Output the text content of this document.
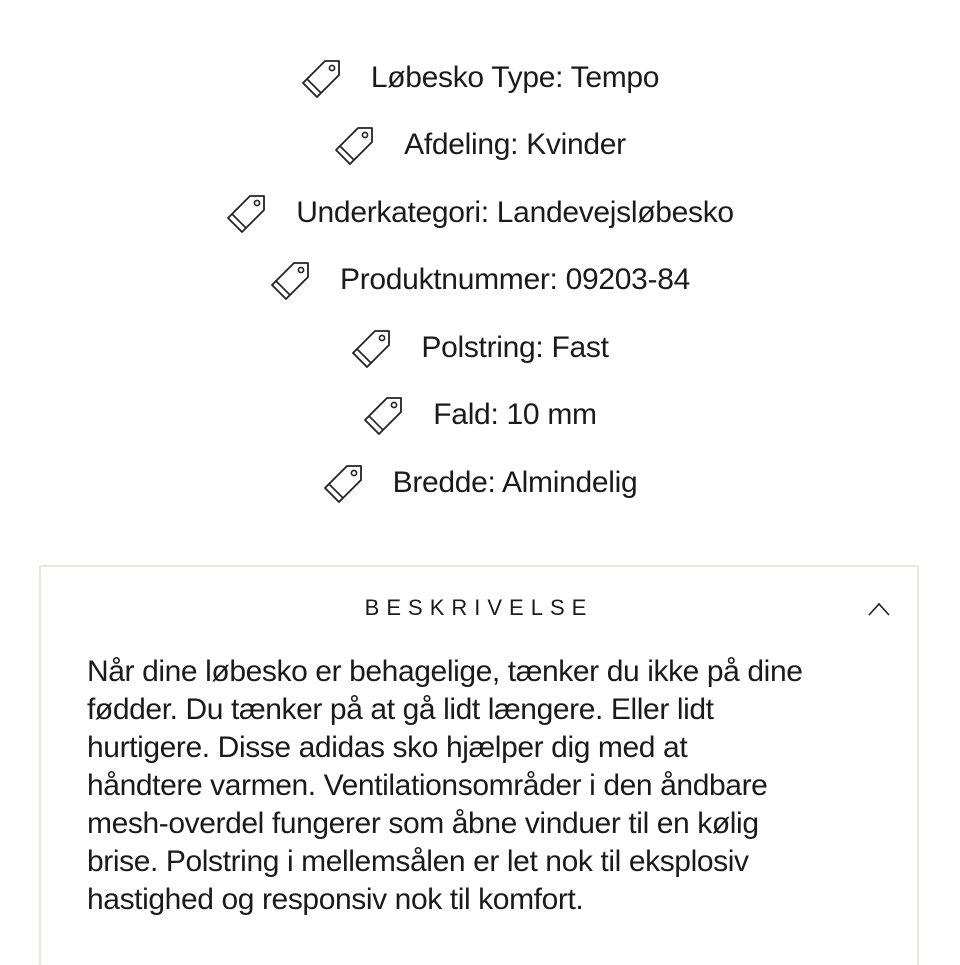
Løbesko Type: Tempo
Afdeling: Kvinder
Underkategori: Landevejsløbesko
Produktnummer: 09203-84
Polstring: Fast
Fald: 10 mm
Bredde: Almindelig
BESKRIVELSE
Når dine løbesko er behagelige, tænker du ikke på dine
fødder. Du tænker på at gå lidt længere. Eller lidt
hurtigere. Disse adidas sko hjælper dig med at
håndtere varmen. Ventilationsområder i den åndbare
mesh-overdel fungerer som åbne vinduer til en kølig
brise. Polstring i mellemsålen er let nok til eksplosiv
hastighed og responsiv nok til komfort.
